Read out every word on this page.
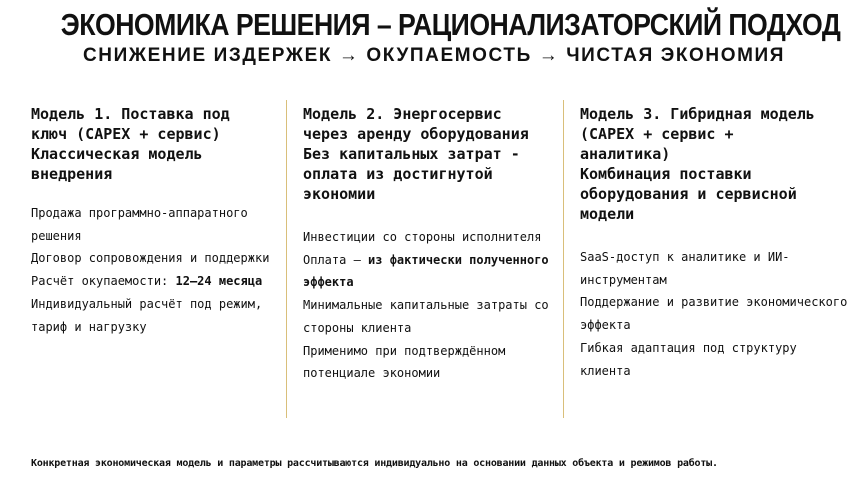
ЭКОНОМИКА РЕШЕНИЯ – РАЦИОНАЛИЗАТОРСКИЙ ПОДХОД
СНИЖЕНИЕ ИЗДЕРЖЕК → ОКУПАЕМОСТЬ → ЧИСТАЯ ЭКОНОМИЯ
Модель 1. Поставка под
ключ (CAPEX + сервис)
Классическая модель
внедрения

Продажа программно-аппаратного решения

Договор сопровождения и поддержки

Расчёт окупаемости: 12–24 месяца

Индивидуальный расчёт под режим, тариф и нагрузку

Модель 2. Энергосервис
через аренду оборудования
Без капитальных затрат -
оплата из достигнутой
экономии

Инвестиции со стороны исполнителя

Оплата — из фактически полученного эффекта

Минимальные капитальные затраты со стороны клиента

Применимо при подтверждённом потенциале экономии

Модель 3. Гибридная модель
(CAPEX + сервис +
аналитика)
Комбинация поставки
оборудования и сервисной
модели

SaaS-доступ к аналитике и ИИ-инструментам

Поддержание и развитие экономического эффекта

Гибкая адаптация под структуру клиента

Конкретная экономическая модель и параметры рассчитываются индивидуально на основании данных объекта и режимов работы.
